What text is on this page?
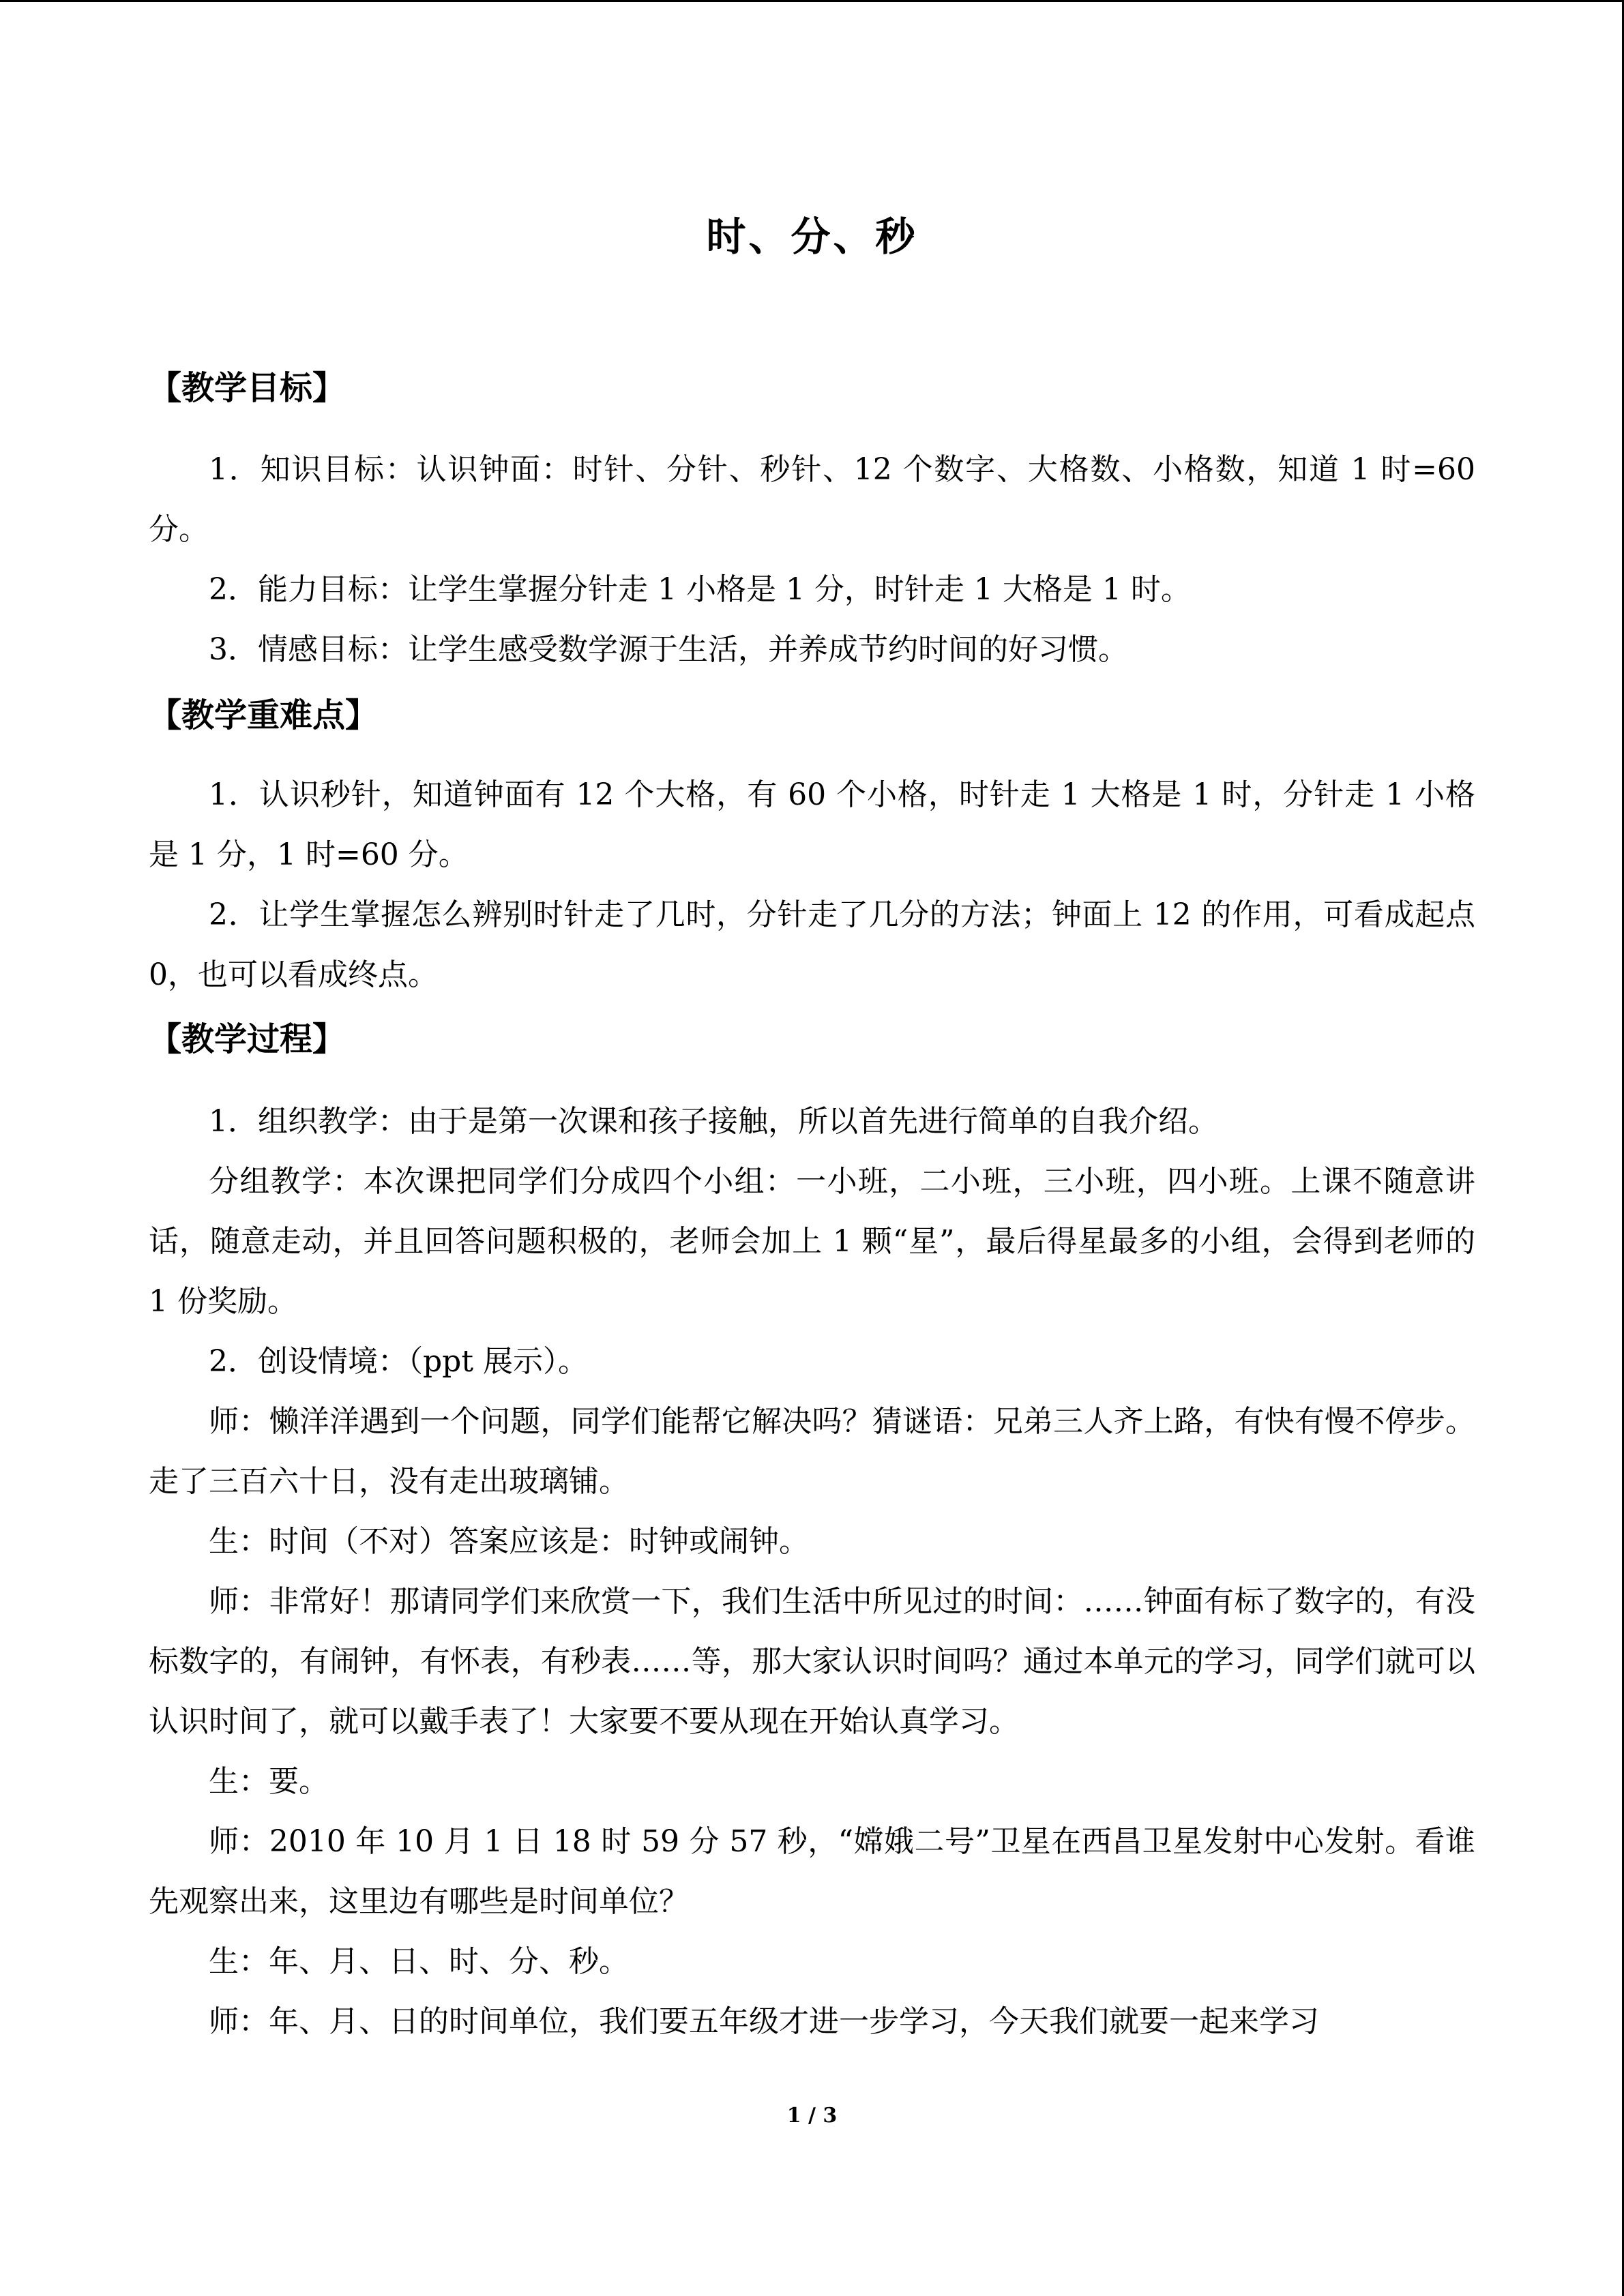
时、分、秒
【教学目标】

1．知识目标：认识钟面：时针、分针、秒针、12 个数字、大格数、小格数，知道 1 时=60 分。

2．能力目标：让学生掌握分针走 1 小格是 1 分，时针走 1 大格是 1 时。

3．情感目标：让学生感受数学源于生活，并养成节约时间的好习惯。

【教学重难点】

1．认识秒针，知道钟面有 12 个大格，有 60 个小格，时针走 1 大格是 1 时，分针走 1 小格是 1 分，1 时=60 分。

2．让学生掌握怎么辨别时针走了几时，分针走了几分的方法；钟面上 12 的作用，可看成起点 0，也可以看成终点。

【教学过程】

1．组织教学：由于是第一次课和孩子接触，所以首先进行简单的自我介绍。

分组教学：本次课把同学们分成四个小组：一小班，二小班，三小班，四小班。上课不随意讲话，随意走动，并且回答问题积极的，老师会加上 1 颗“星”，最后得星最多的小组，会得到老师的 1 份奖励。

2．创设情境：（ppt 展示）。

师：懒洋洋遇到一个问题，同学们能帮它解决吗？猜谜语：兄弟三人齐上路，有快有慢不停步。走了三百六十日，没有走出玻璃铺。

生：时间（不对）答案应该是：时钟或闹钟。

师：非常好！那请同学们来欣赏一下，我们生活中所见过的时间：……钟面有标了数字的，有没标数字的，有闹钟，有怀表，有秒表……等，那大家认识时间吗？通过本单元的学习，同学们就可以认识时间了，就可以戴手表了！大家要不要从现在开始认真学习。

生：要。

师：2010 年 10 月 1 日 18 时 59 分 57 秒，“嫦娥二号”卫星在西昌卫星发射中心发射。看谁先观察出来，这里边有哪些是时间单位？

生：年、月、日、时、分、秒。

师：年、月、日的时间单位，我们要五年级才进一步学习，今天我们就要一起来学习

1 / 3
